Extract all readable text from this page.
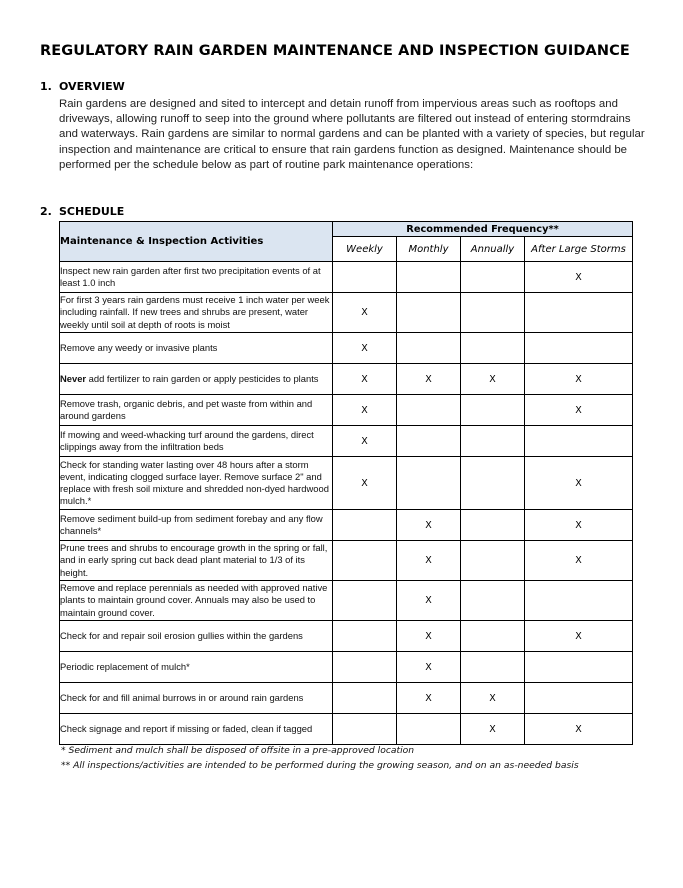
REGULATORY RAIN GARDEN MAINTENANCE AND INSPECTION GUIDANCE
1. OVERVIEW
Rain gardens are designed and sited to intercept and detain runoff from impervious areas such as rooftops and driveways, allowing runoff to seep into the ground where pollutants are filtered out instead of entering stormdrains and waterways. Rain gardens are similar to normal gardens and can be planted with a variety of species, but regular inspection and maintenance are critical to ensure that rain gardens function as designed. Maintenance should be performed per the schedule below as part of routine park maintenance operations:
2. SCHEDULE
Maintenance & Inspection Activities	Recommended Frequency**			
	Weekly	Monthly	Annually	After Large Storms
Inspect new rain garden after first two precipitation events of at least 1.0 inch				X
For first 3 years rain gardens must receive 1 inch water per week including rainfall. If new trees and shrubs are present, water weekly until soil at depth of roots is moist	X			
Remove any weedy or invasive plants	X			
Never add fertilizer to rain garden or apply pesticides to plants	X	X	X	X
Remove trash, organic debris, and pet waste from within and around gardens	X			X
If mowing and weed-whacking turf around the gardens, direct clippings away from the infiltration beds	X			
Check for standing water lasting over 48 hours after a storm event, indicating clogged surface layer. Remove surface 2" and replace with fresh soil mixture and shredded non-dyed hardwood mulch.*	X			X
Remove sediment build-up from sediment forebay and any flow channels*		X		X
Prune trees and shrubs to encourage growth in the spring or fall, and in early spring cut back dead plant material to 1/3 of its height.		X		X
Remove and replace perennials as needed with approved native plants to maintain ground cover. Annuals may also be used to maintain ground cover.		X		
Check for and repair soil erosion gullies within the gardens		X		X
Periodic replacement of mulch*		X		
Check for and fill animal burrows in or around rain gardens		X	X	
Check signage and report if missing or faded, clean if tagged			X	X
* Sediment and mulch shall be disposed of offsite in a pre-approved location
** All inspections/activities are intended to be performed during the growing season, and on an as-needed basis
